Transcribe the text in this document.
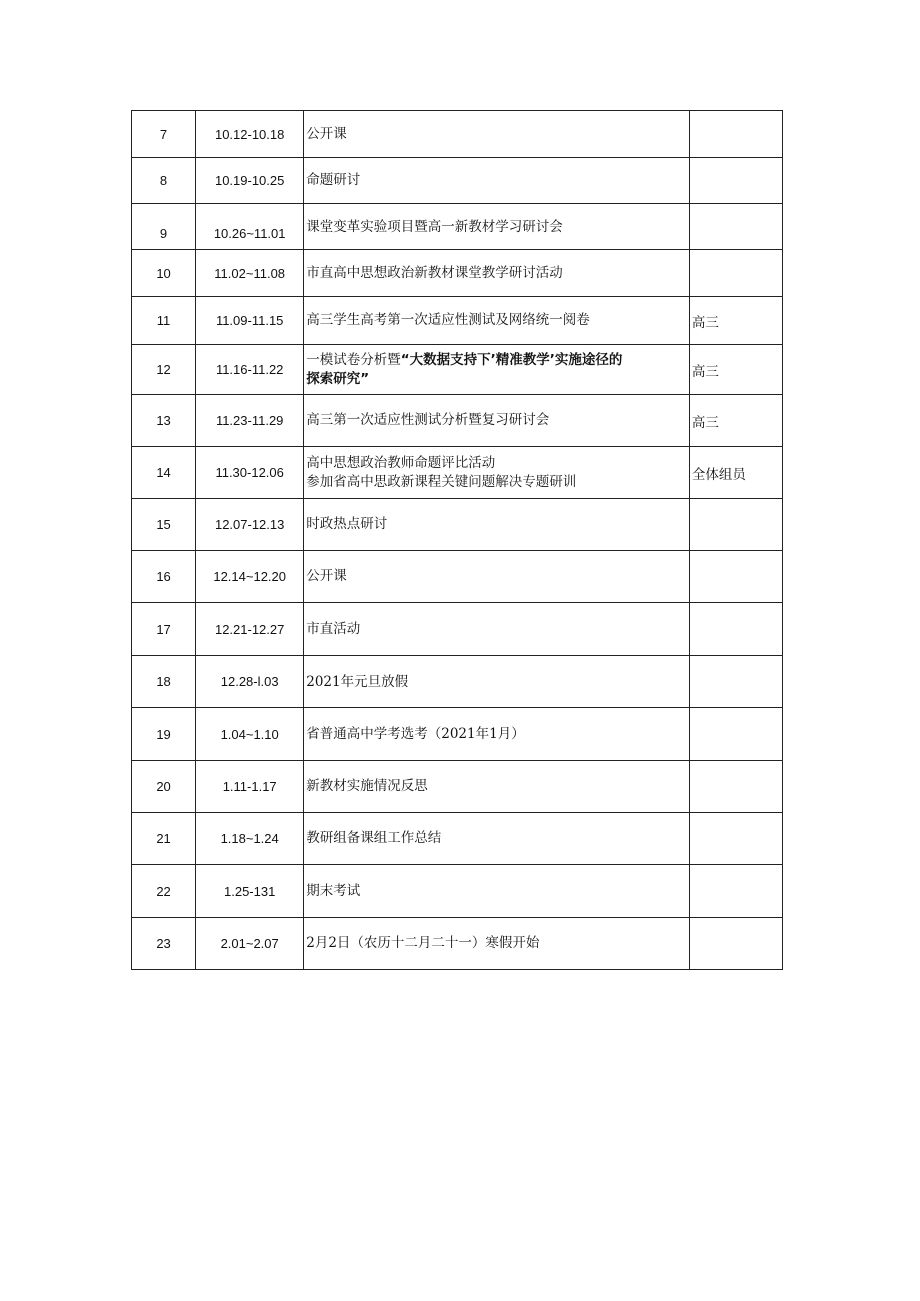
7	10.12-10.18	公开课	
8	10.19-10.25	命题研讨	
9	10.26~11.01	课堂变革实验项目暨高一新教材学习研讨会	
10	11.02~11.08	市直高中思想政治新教材课堂教学研讨活动	
11	11.09-11.15	高三学生高考第一次适应性测试及网络统一阅卷	高三
12	11.16-11.22	一模试卷分析暨“大数据支持下’精准教学’实施途径的
探索研究”	高三
13	11.23-11.29	高三第一次适应性测试分析暨复习研讨会	高三
14	11.30-12.06	高中思想政治教师命题评比活动
参加省高中思政新课程关键问题解决专题研训	全体组员
15	12.07-12.13	时政热点研讨	
16	12.14~12.20	公开课	
17	12.21-12.27	市直活动	
18	12.28-l.03	2021年元旦放假	
19	1.04~1.10	省普通高中学考选考（2021年1月）	
20	1.11-1.17	新教材实施情况反思	
21	1.18~1.24	教研组备课组工作总结	
22	1.25-131	期末考试	
23	2.01~2.07	2月2日（农历十二月二十一）寒假开始	
